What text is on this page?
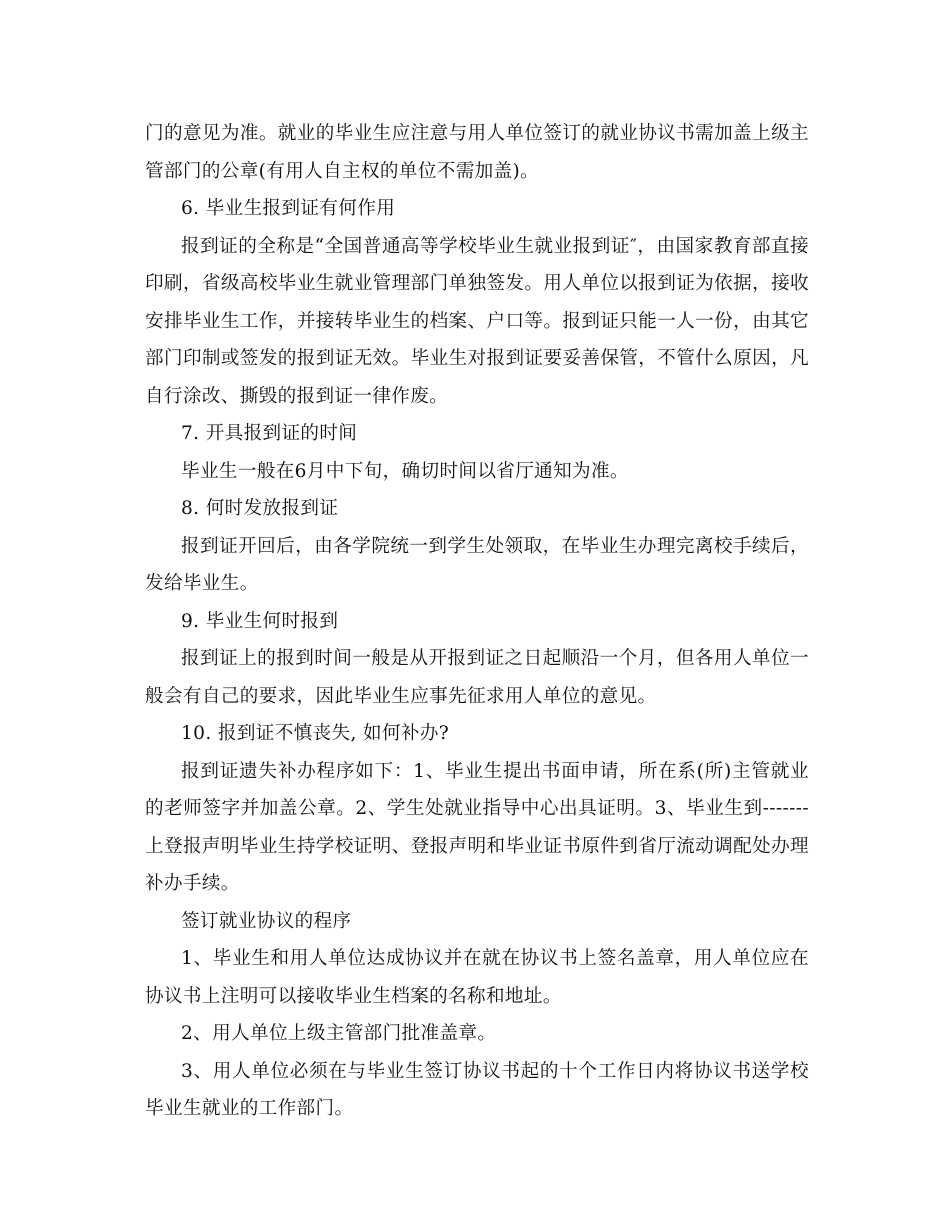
门的意见为准。就业的毕业生应注意与用人单位签订的就业协议书需加盖上级主管部门的公章(有用人自主权的单位不需加盖)。

6. 毕业生报到证有何作用

报到证的全称是“全国普通高等学校毕业生就业报到证″，由国家教育部直接印刷，省级高校毕业生就业管理部门单独签发。用人单位以报到证为依据，接收安排毕业生工作，并接转毕业生的档案、户口等。报到证只能一人一份，由其它部门印制或签发的报到证无效。毕业生对报到证要妥善保管，不管什么原因，凡自行涂改、撕毁的报到证一律作废。

7. 开具报到证的时间

毕业生一般在6月中下旬，确切时间以省厅通知为准。

8. 何时发放报到证

报到证开回后，由各学院统一到学生处领取，在毕业生办理完离校手续后，发给毕业生。

9. 毕业生何时报到

报到证上的报到时间一般是从开报到证之日起顺沿一个月，但各用人单位一般会有自己的要求，因此毕业生应事先征求用人单位的意见。

10. 报到证不慎丧失, 如何补办?

报到证遗失补办程序如下：1、毕业生提出书面申请，所在系(所)主管就业的老师签字并加盖公章。2、学生处就业指导中心出具证明。3、毕业生到-------上登报声明毕业生持学校证明、登报声明和毕业证书原件到省厅流动调配处办理补办手续。

签订就业协议的程序

1、毕业生和用人单位达成协议并在就在协议书上签名盖章，用人单位应在协议书上注明可以接收毕业生档案的名称和地址。

2、用人单位上级主管部门批准盖章。

3、用人单位必须在与毕业生签订协议书起的十个工作日内将协议书送学校毕业生就业的工作部门。
